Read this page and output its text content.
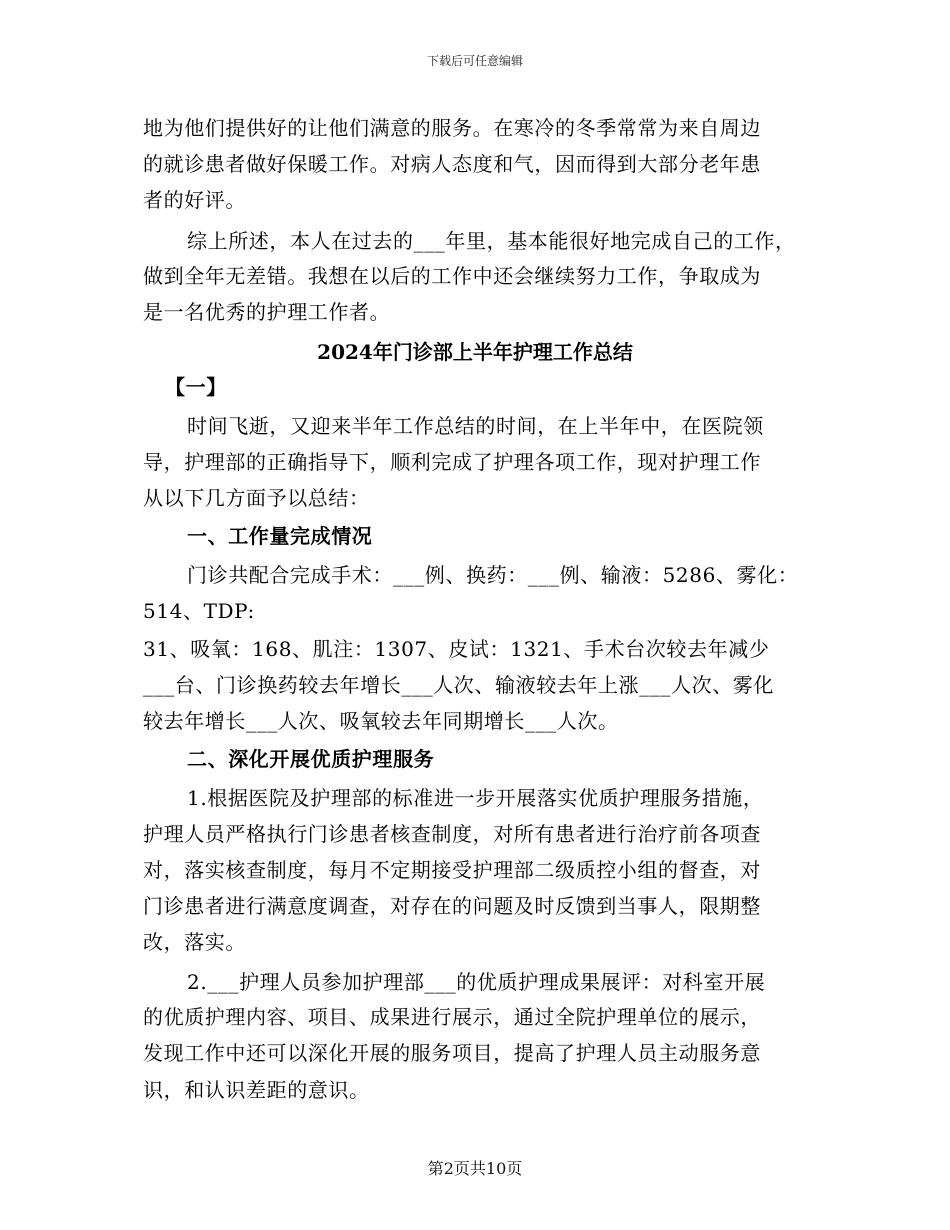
下载后可任意编辑
地为他们提供好的让他们满意的服务。在寒冷的冬季常常为来自周边
的就诊患者做好保暖工作。对病人态度和气，因而得到大部分老年患
者的好评。
综上所述，本人在过去的___年里，基本能很好地完成自己的工作，
做到全年无差错。我想在以后的工作中还会继续努力工作，争取成为
是一名优秀的护理工作者。
2024年门诊部上半年护理工作总结
【一】
时间飞逝，又迎来半年工作总结的时间，在上半年中，在医院领
导，护理部的正确指导下，顺利完成了护理各项工作，现对护理工作
从以下几方面予以总结：
一、工作量完成情况
门诊共配合完成手术：___例、换药：___例、输液：5286、雾化：
514、TDP:
31、吸氧：168、肌注：1307、皮试：1321、手术台次较去年减少
___台、门诊换药较去年增长___人次、输液较去年上涨___人次、雾化
较去年增长___人次、吸氧较去年同期增长___人次。
二、深化开展优质护理服务
1.根据医院及护理部的标准进一步开展落实优质护理服务措施，
护理人员严格执行门诊患者核查制度，对所有患者进行治疗前各项查
对，落实核查制度，每月不定期接受护理部二级质控小组的督查，对
门诊患者进行满意度调查，对存在的问题及时反馈到当事人，限期整
改，落实。
2.___护理人员参加护理部___的优质护理成果展评：对科室开展
的优质护理内容、项目、成果进行展示，通过全院护理单位的展示，
发现工作中还可以深化开展的服务项目，提高了护理人员主动服务意
识，和认识差距的意识。
第2页共10页
